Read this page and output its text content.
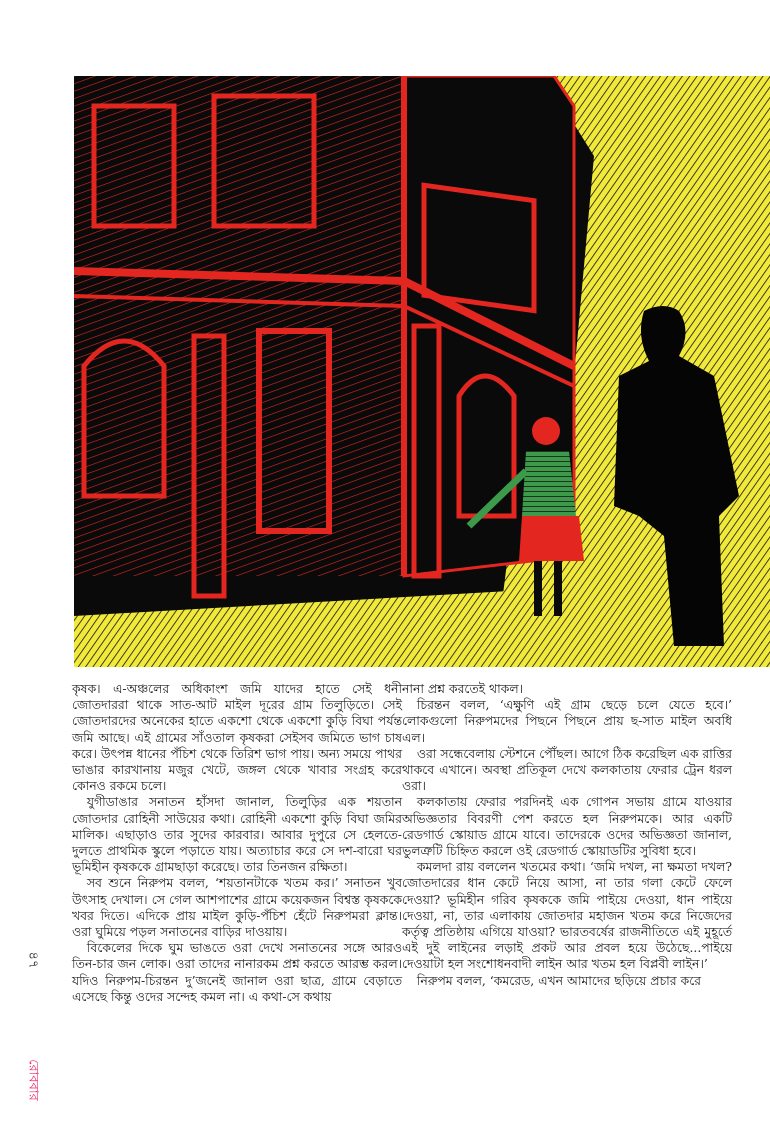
কৃষক। এ-অঞ্চলের অধিকাংশ জমি যাদের হাতে সেই ধনী জোতদাররা থাকে সাত-আট মাইল দূরের গ্রাম তিলুড়িতে। সেই জোতদারদের অনেকের হাতে একশো থেকে একশো কুড়ি বিঘা পর্যন্ত জমি আছে। এই গ্রামের সাঁওতাল কৃষকরা সেইসব জমিতে ভাগ চাষ করে। উৎপন্ন ধানের পঁচিশ থেকে তিরিশ ভাগ পায়। অন্য সময়ে পাথর ভাঙার কারখানায় মজুর খেটে, জঙ্গল থেকে খাবার সংগ্রহ করে কোনও রকমে চলে।

যুগীডাঙার সনাতন হাঁসদা জানাল, তিলুড়ির এক শয়তান জোতদার রোহিনী সাউয়ের কথা। রোহিনী একশো কুড়ি বিঘা জমির মালিক। এছাড়াও তার সুদের কারবার। আবার দুপুরে সে হেলতে-দুলতে প্রাথমিক স্কুলে পড়াতে যায়। অত্যাচার করে সে দশ-বারো ঘর ভূমিহীন কৃষককে গ্রামছাড়া করেছে। তার তিনজন রক্ষিতা।

সব শুনে নিরুপম বলল, ‘শয়তানটাকে খতম কর।’ সনাতন খুব উৎসাহ দেখাল। সে গেল আশপাশের গ্রামে কয়েকজন বিশ্বস্ত কৃষককে খবর দিতে। এদিকে প্রায় মাইল কুড়ি-পঁচিশ হেঁটে নিরুপমরা ক্লান্ত। ওরা ঘুমিয়ে পড়ল সনাতনের বাড়ির দাওয়ায়।

বিকেলের দিকে ঘুম ভাঙতে ওরা দেখে সনাতনের সঙ্গে আরও তিন-চার জন লোক। ওরা তাদের নানারকম প্রশ্ন করতে আরম্ভ করল। যদিও নিরুপম-চিরন্তন দু’জনেই জানাল ওরা ছাত্র, গ্রামে বেড়াতে এসেছে কিন্তু ওদের সন্দেহ কমল না। এ কথা-সে কথায়

নানা প্রশ্ন করতেই থাকল।

চিরন্তন বলল, ‘এক্ষুণি এই গ্রাম ছেড়ে চলে যেতে হবে।’ লোকগুলো নিরুপমদের পিছনে পিছনে প্রায় ছ-সাত মাইল অবধি এল।

ওরা সন্ধেবেলায় স্টেশনে পৌঁছল। আগে ঠিক করেছিল এক রাত্তির থাকবে এখানে। অবস্থা প্রতিকূল দেখে কলকাতায় ফেরার ট্রেন ধরল ওরা।

কলকাতায় ফেরার পরদিনই এক গোপন সভায় গ্রামে যাওয়ার অভিজ্ঞতার বিবরণী পেশ করতে হল নিরুপমকে। আর একটি রেডগার্ড স্কোয়াড গ্রামে যাবে। তাদেরকে ওদের অভিজ্ঞতা জানাল, ভুলত্রুটি চিহ্নিত করলে ওই রেডগার্ড স্কোয়াডটির সুবিধা হবে।

কমলদা রায় বললেন খতমের কথা। ‘জমি দখল, না ক্ষমতা দখল? জোতদারের ধান কেটে নিয়ে আসা, না তার গলা কেটে ফেলে দেওয়া? ভূমিহীন গরিব কৃষককে জমি পাইয়ে দেওয়া, ধান পাইয়ে দেওয়া, না, তার এলাকায় জোতদার মহাজন খতম করে নিজেদের কর্তৃত্ব প্রতিষ্ঠায় এগিয়ে যাওয়া? ভারতবর্ষের রাজনীতিতে এই মুহূর্তে এই দুই লাইনের লড়াই প্রকট আর প্রবল হয়ে উঠেছে...পাইয়ে দেওয়াটা হল সংশোধনবাদী লাইন আর খতম হল বিপ্লবী লাইন।’

নিরুপম বলল, ‘কমরেড, এখন আমাদের ছড়িয়ে প্রচার করে

৪৭
রোববার
